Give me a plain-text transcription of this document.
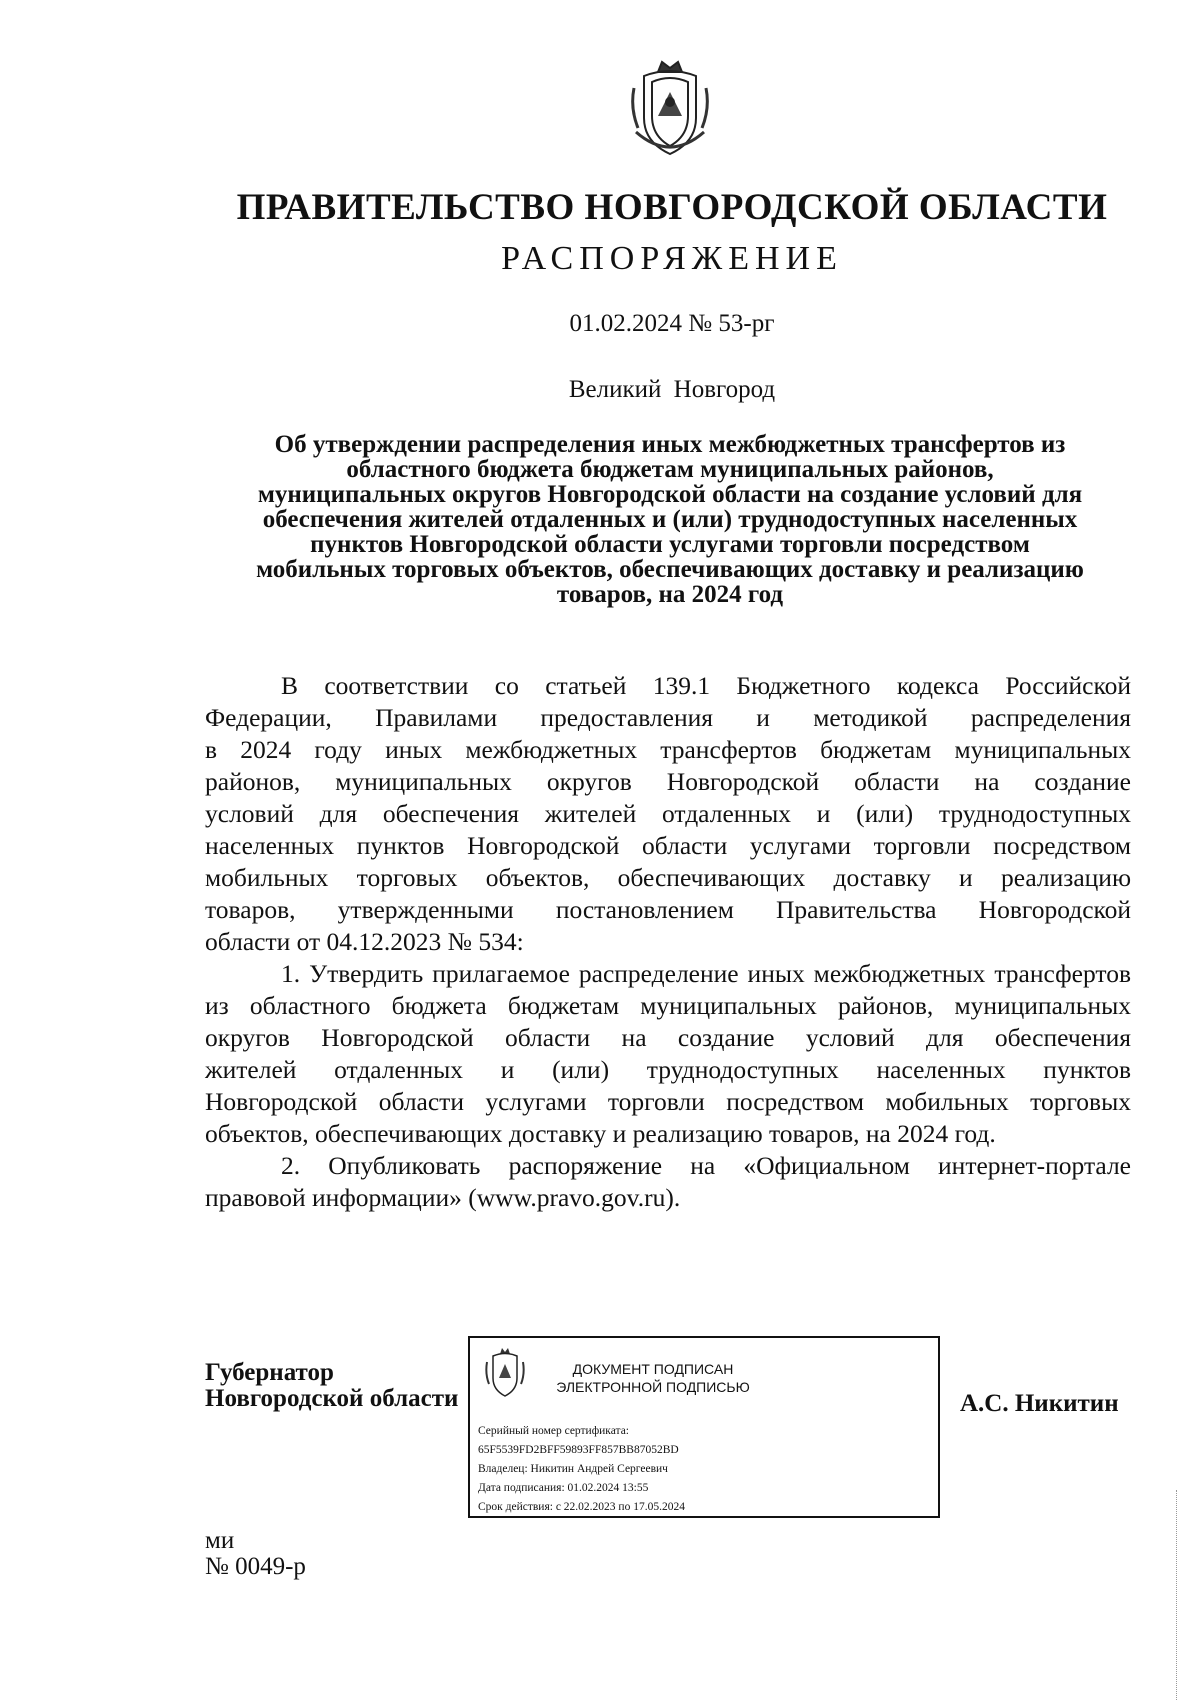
ПРАВИТЕЛЬСТВО НОВГОРОДСКОЙ ОБЛАСТИ
РАСПОРЯЖЕНИЕ
01.02.2024 № 53-рг
Великий Новгород
Об утверждении распределения иных межбюджетных трансфертов из
областного бюджета бюджетам муниципальных районов,
муниципальных округов Новгородской области на создание условий для
обеспечения жителей отдаленных и (или) труднодоступных населенных
пунктов Новгородской области услугами торговли посредством
мобильных торговых объектов, обеспечивающих доставку и реализацию
товаров, на 2024 год
В соответствии со статьей 139.1 Бюджетного кодекса Российской
Федерации, Правилами предоставления и методикой распределения
в 2024 году иных межбюджетных трансфертов бюджетам муниципальных
районов, муниципальных округов Новгородской области на создание
условий для обеспечения жителей отдаленных и (или) труднодоступных
населенных пунктов Новгородской области услугами торговли посредством
мобильных торговых объектов, обеспечивающих доставку и реализацию
товаров, утвержденными постановлением Правительства Новгородской
области от 04.12.2023 № 534:
1. Утвердить прилагаемое распределение иных межбюджетных трансфертов
из областного бюджета бюджетам муниципальных районов, муниципальных
округов Новгородской области на создание условий для обеспечения
жителей отдаленных и (или) труднодоступных населенных пунктов
Новгородской области услугами торговли посредством мобильных торговых
объектов, обеспечивающих доставку и реализацию товаров, на 2024 год.
2. Опубликовать распоряжение на «Официальном интернет-портале
правовой информации» (www.pravo.gov.ru).
Губернатор
Новгородской области
ДОКУМЕНТ ПОДПИСАН
ЭЛЕКТРОННОЙ ПОДПИСЬЮ
Серийный номер сертификата:
65F5539FD2BFF59893FF857BB87052BD
Владелец: Никитин Андрей Сергеевич
Дата подписания: 01.02.2024 13:55
Срок действия: с 22.02.2023 по 17.05.2024
А.С. Никитин
ми
№ 0049-р
